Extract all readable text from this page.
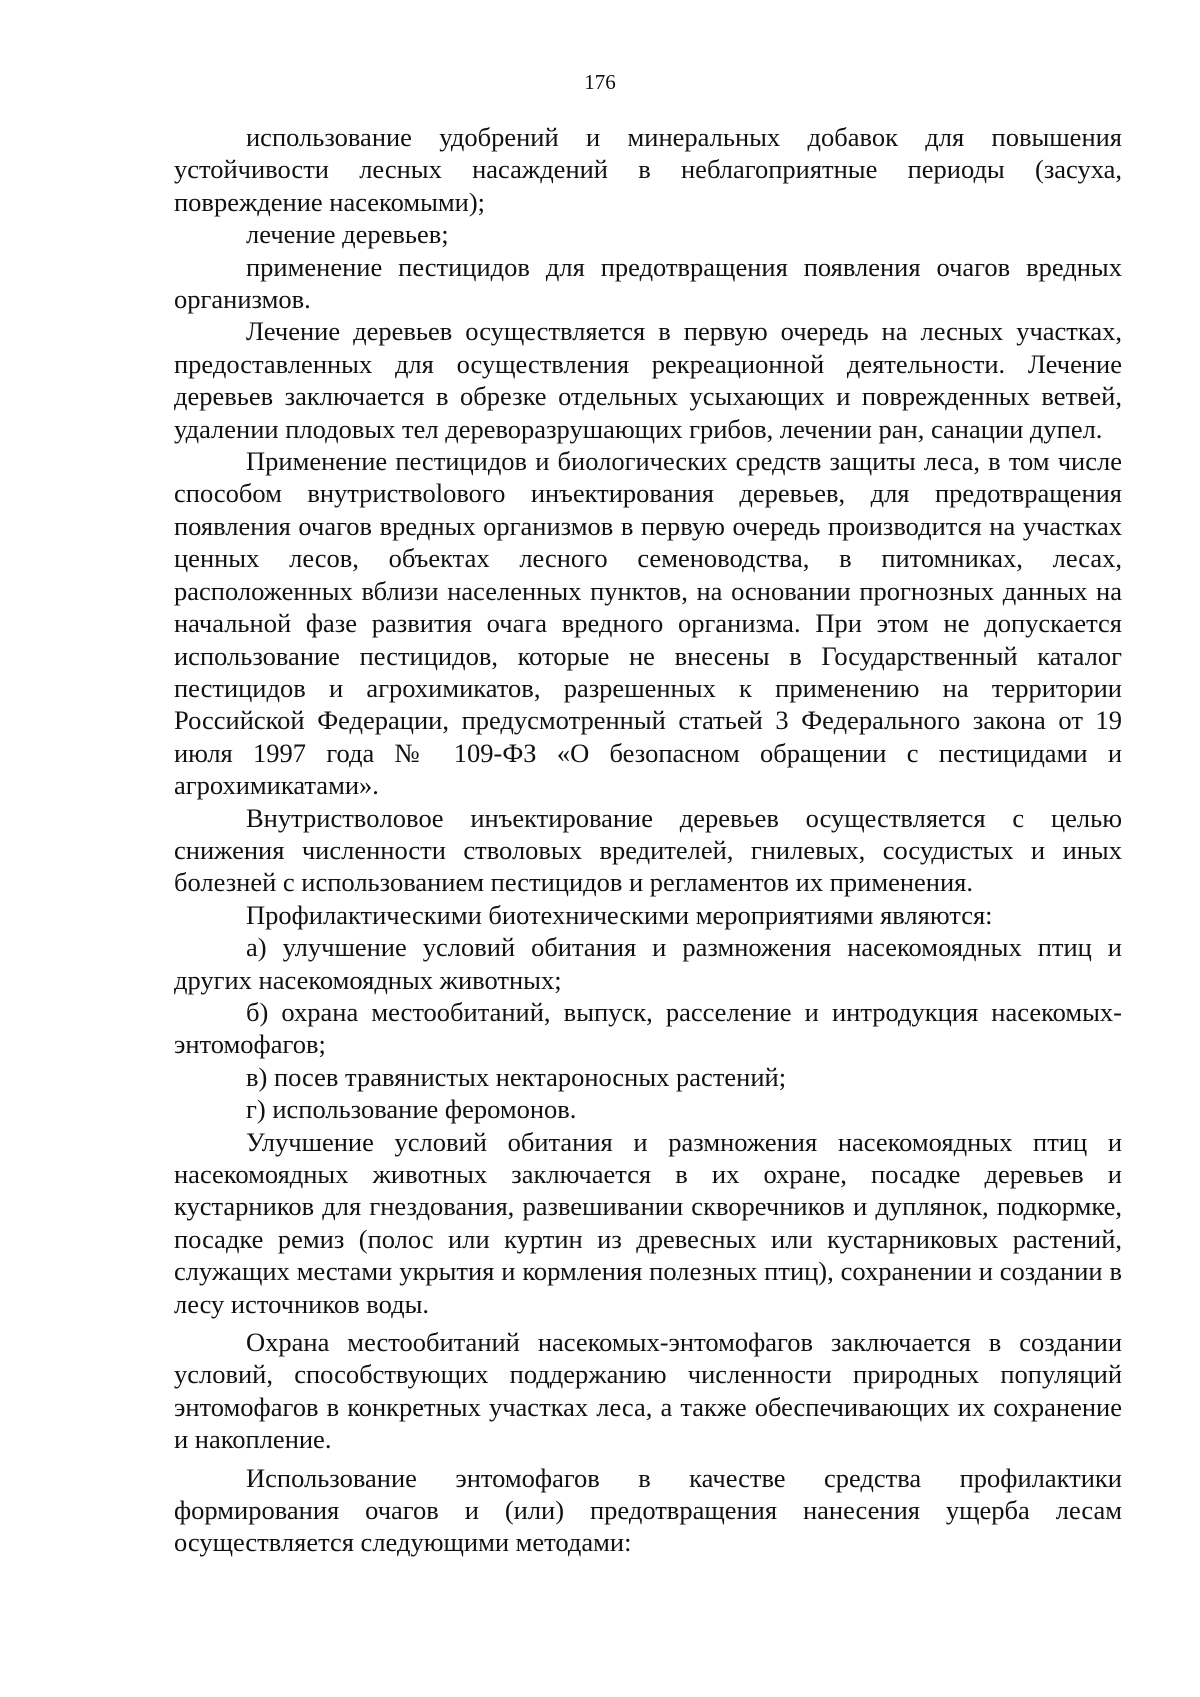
176

использование удобрений и минеральных добавок для повышения устойчивости лесных насаждений в неблагоприятные периоды (засуха, повреждение насекомыми);

лечение деревьев;

применение пестицидов для предотвращения появления очагов вредных организмов.

Лечение деревьев осуществляется в первую очередь на лесных участках, предоставленных для осуществления рекреационной деятельности. Лечение деревьев заключается в обрезке отдельных усыхающих и поврежденных ветвей, удалении плодовых тел дереворазрушающих грибов, лечении ран, санации дупел.

Применение пестицидов и биологических средств защиты леса, в том числе способом внутриствolового инъектирования деревьев, для предотвращения появления очагов вредных организмов в первую очередь производится на участках ценных лесов, объектах лесного семеноводства, в питомниках, лесах, расположенных вблизи населенных пунктов, на основании прогнозных данных на начальной фазе развития очага вредного организма. При этом не допускается использование пестицидов, которые не внесены в Государственный каталог пестицидов и агрохимикатов, разрешенных к применению на территории Российской Федерации, предусмотренный статьей 3 Федерального закона от 19 июля 1997 года № 109-ФЗ «О безопасном обращении с пестицидами и агрохимикатами».

Внутриствoлoвoе инъектирование деревьев осуществляется с целью снижения численности стволовых вредителей, гнилевых, сосудистых и иных болезней с использованием пестицидов и регламентов их применения.

Профилактическими биотехническими мероприятиями являются:

а) улучшение условий обитания и размножения насекомоядных птиц и других насекомоядных животных;

б) охрана местообитаний, выпуск, расселение и интродукция насекомых-энтомофагов;

в) посев травянистых нектароносных растений;

г) использование феромонов.

Улучшение условий обитания и размножения насекомоядных птиц и насекомоядных животных заключается в их охране, посадке деревьев и кустарников для гнездования, развешивании скворечников и дуплянок, подкормке, посадке ремиз (полос или куртин из древесных или кустарниковых растений, служащих местами укрытия и кормления полезных птиц), сохранении и создании в лесу источников воды.

Охрана местообитаний насекомых-энтомофагов заключается в создании условий, способствующих поддержанию численности природных популяций энтомофагов в конкретных участках леса, а также обеспечивающих их сохранение и накопление.

Использование энтомофагов в качестве средства профилактики формирования очагов и (или) предотвращения нанесения ущерба лесам осуществляется следующими методами:
